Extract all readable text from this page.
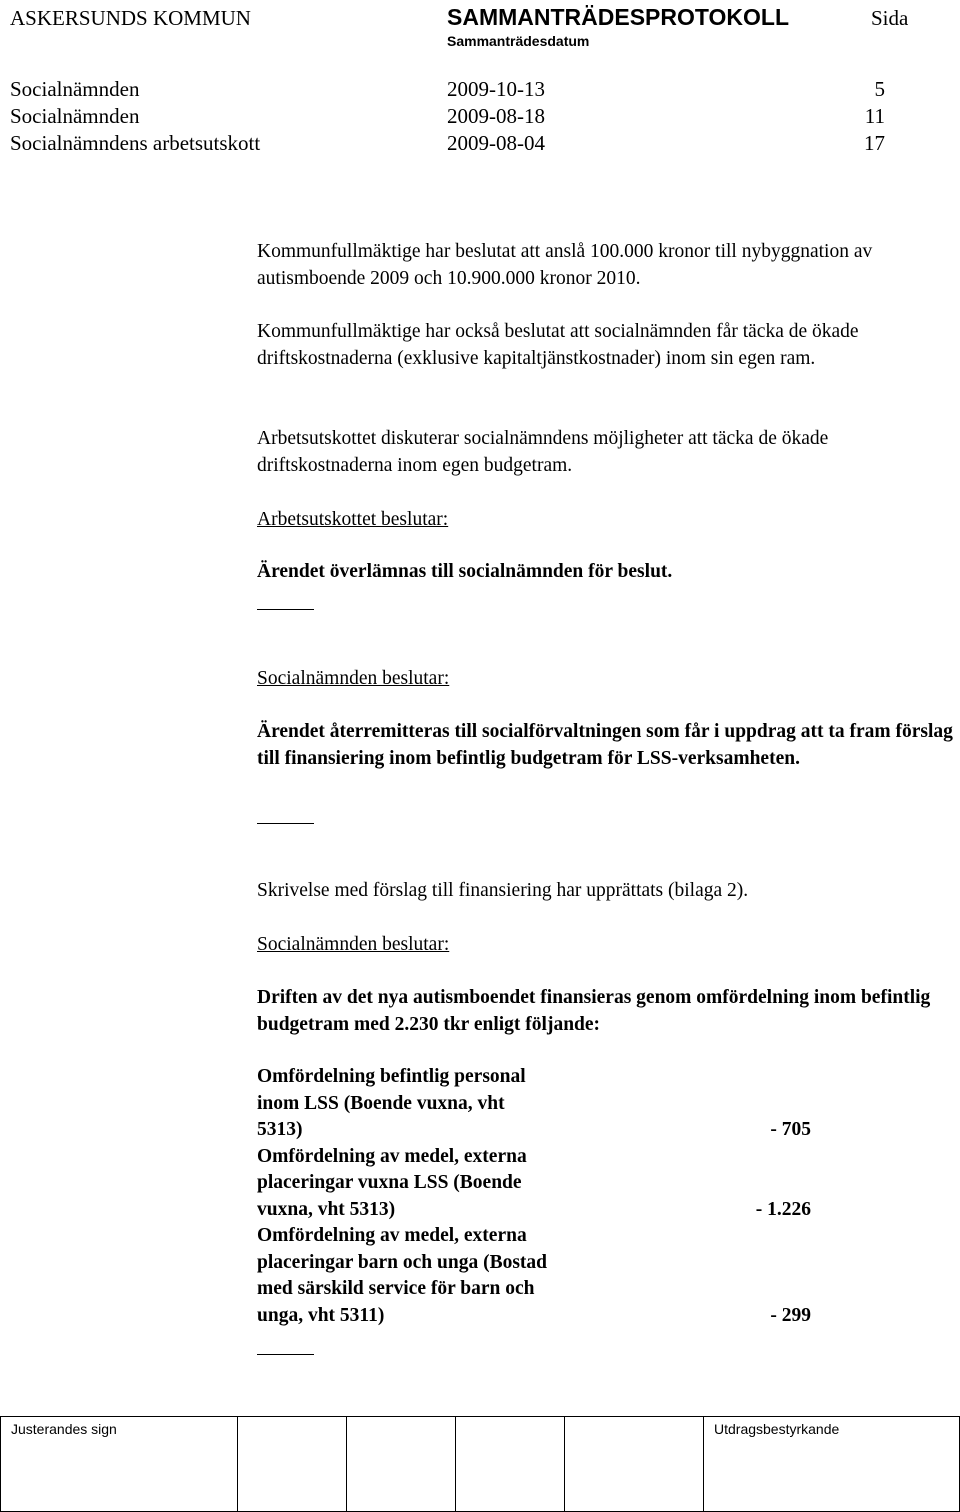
ASKERSUNDS KOMMUN	SAMMANTRÄDESPROTOKOLL	Sida
Sammanträdesdatum
Socialnämnden	2009-10-13	5
Socialnämnden	2009-08-18	11
Socialnämndens arbetsutskott	2009-08-04	17

Kommunfullmäktige har beslutat att anslå 100.000 kronor till nybyggnation av autismboende 2009 och 10.900.000 kronor 2010.

Kommunfullmäktige har också beslutat att socialnämnden får täcka de ökade driftskostnaderna (exklusive kapitaltjänstkostnader) inom sin egen ram.

Arbetsutskottet diskuterar socialnämndens möjligheter att täcka de ökade driftskostnaderna inom egen budgetram.

Arbetsutskottet beslutar:
Ärendet överlämnas till socialnämnden för beslut.
Socialnämnden beslutar:
Ärendet återremitteras till socialförvaltningen som får i uppdrag att ta fram förslag till finansiering inom befintlig budgetram för LSS-verksamheten.
Skrivelse med förslag till finansiering har upprättats (bilaga 2).
Socialnämnden beslutar:
Driften av det nya autismboendet finansieras genom omfördelning inom befintlig budgetram med 2.230 tkr enligt följande:
Omfördelning befintlig personal
inom LSS (Boende vuxna, vht
5313)	- 705
Omfördelning av medel, externa
placeringar vuxna LSS (Boende
vuxna, vht 5313)	- 1.226
Omfördelning av medel, externa
placeringar barn och unga (Bostad
med särskild service för barn och
unga, vht 5311)	- 299
Justerandes sign	Utdragsbestyrkande
